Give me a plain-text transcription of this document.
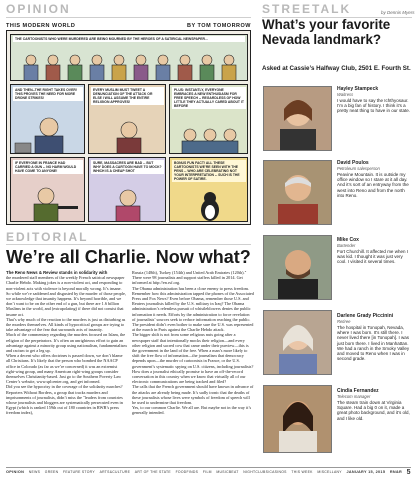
OPINION	STREETALK	by Dennis Myers
THIS MODERN WORLD	BY TOM TOMORROW
THE CARTOONISTS WHO WERE MURDERED ARE BEING MOURNED BY THE HEROES OF A SATIRICAL NEWSPAPER...
AND THEN--THE RIGHT TAKES OVER! THIS PROVES THE NEED FOR MORE DRONE STRIKES!
EVERY MUSLIM MUST TWEET A DENUNCIATION OF THE ATTACK OR ELSE I WILL ASSUME THE ENTIRE RELIGION APPROVES!
PLUS: INSTANTLY, EVERYONE EMBRACES A NEW ENTHUSIASM FOR FREE SPEECH -- REGARDLESS OF HOW LITTLE THEY ACTUALLY CARED ABOUT IT BEFORE
IF EVERYONE IN FRANCE HAD CARRIED A GUN -- NO HARM WOULD HAVE COME TO ANYONE!
SURE, MASSACRES ARE BAD -- BUT WHY DOES A CARTOON HAVE TO MOCK? WHICH IS A CHEAP SHOT
BONUS FUN FACT! ALL THESE CARTOONISTS WE'RE SEEN WITH THE PENS -- WHO ARE CELEBRATING NOT YOUR INTERPRETATION -- SUCH IS THE POWER OF SATIRE.
What’s your favorite Nevada landmark?
Asked at Cassie’s Halfway Club, 2501 E. Fourth St.
Hayley Stampeck
Waitress
I would have to say the Ichthyosaur. I’m a big fan of history. I think it’s a pretty neat thing to have in our state.
David Poulos
Petroleum salesperson
Peavine Mountain. It is outside my office window so I stare at it all day. And it’s sort of an entryway from the west into Reno and from the north into Reno.
Mike Cox
Bartender
Fort Churchill. It affected me when I was kid. I thought it was just very cool. I visited it several times.
Darlene Grady Piccinini
Retiree
The hospital in Tonopah, Nevada, where I was born. It’s still there. I never lived there [in Tonopah]. I was just born there. I lived in Manhattan. We had a ranch in the Smoky Valley and moved to Reno when I was in second grade.
Cindia Fernandez
Telecom manager
The steam train down at Virginia Square. Had a big 0 on it, made a great photo background, and it’s old, and I like old.
EDITORIAL
We’re all Charlie. Now what?

The Reno News & Review stands in solidarity with

the murdered staff members of the weekly French satirical newspaper Charlie Hebdo. Making jokes is a non-violent act, and responding to non-violent acts with violence is beyond morally wrong. It’s insane.
So while we’re saddened and disgusted by the murder of those people, we acknowledge that insanity happens. It’s beyond horrible, and we don’t want to be on the other end of a gun, but there are 1.6 billion Muslims in the world, and (extrapolating) if there did not consist that insane act.
That’s why much of the reaction to the murders is just as disturbing as the murders themselves. All kinds of hypocritical groups are trying to take advantage of the fear that surrounds acts of insanity.
Much of the commentary regarding the murders focused on Islam, the religion of the perpetrators. It’s often an unrighteous effort to gain an advantage against a minority group using nationalism, fundamentalism and racism to get a leg up.
When a decent who offers doctrines is passed down, we don’t blame all Christians. It’s likely that the person who bombed the NAACP office in Colorado (as far as we’re concerned) it was an extremist right-wing group, and many American right-wing groups consider themselves Christianity-based. Just go to the Southern Poverty Law Center’s website, www.splcenter.org, and get informed.
Did you see the hypocrisy in the coverage of the solidarity marches?
Reporters Without Borders, a group that tracks murders and imprisonments of journalists, didn’t miss the "leaders from countries whose journalists and bloggers are systematically persecuted even in Egypt (which is ranked 159th out of 180 countries in RWB’s press freedom index),

Russia (148th), Turkey (154th) and United Arab Emirates (120th)." There were 98 journalists and support staffers killed in 2014. Get informed at http://en.rsf.org.
The Obama administration has been a close enemy to press freedom. Remember how this administration tapped the phones of the Associated Press and Fox News? Even before Obama, remember those U.S. and Reuters journalists killed by the U.S. military in Iraq? The Obama administration’s relentless pursuit of whistleblowers denies the public information it needs. Efforts by the administration to force revelation of journalists’ sources seek to reduce information reaching the public. The president didn’t even bother to make sure the U.S. was represented at the march in Paris against the Charlie Hebdo attack.
The bigger shift is not from some religious nuts going after a newspaper staff that intentionally mocks their religion—and every other religion and sacred cow that came under their purview—this is the government in the land of the free. When a man’s more likely to shift the free flow of information—the journalism that democracy depends upon—the murder of cartoonists in France, or the U.S. government’s systematic spying on U.S. citizens, including journalists? How does a journalist ethically promise to have an off-the-record conversation in this country when we know that virtually all of our electronic communications are being tracked and filed?
The calls that the French government should have known in advance of the attacks are already being made. It’s sadly ironic that the deaths of these journalists whose lives were symbols of freedom of speech will be used to undermine that freedom.
Yes, to our common Charlie. We all are. But maybe not in the way it’s generally intended.

OPINION NEWS GREEN FEATURE STORY ARTS&CULTURE ART OF THE STATE FOODFINDS FILM MUSICBEAT NIGHTCLUBS/CASINOS THIS WEEK MISCELLANY JANUARY 15, 2015 RN&R 5
